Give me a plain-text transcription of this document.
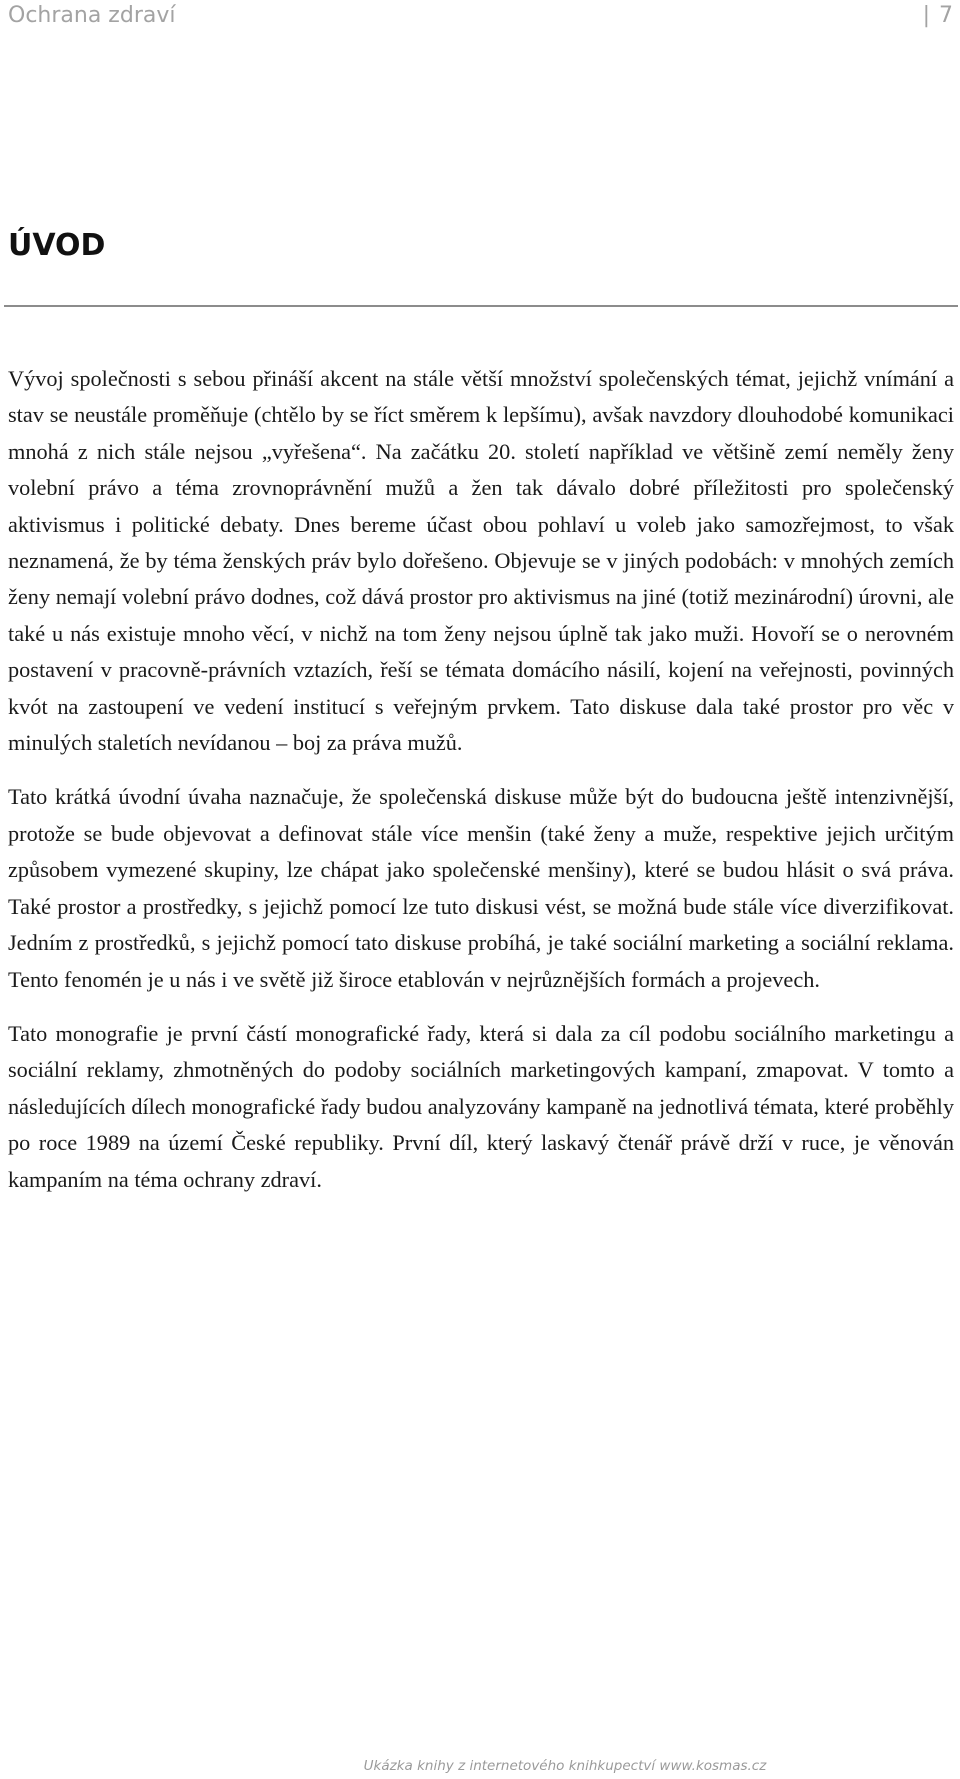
Ochrana zdraví	| 7
ÚVOD

Vývoj společnosti s sebou přináší akcent na stále větší množství společenských témat, jejichž vnímání a stav se neustále proměňuje (chtělo by se říct směrem k lepšímu), avšak navzdory dlouhodobé komunikaci mnohá z nich stále nejsou „vyřešena“. Na začátku 20. století například ve většině zemí neměly ženy volební právo a téma zrovnoprávnění mužů a žen tak dávalo dobré příležitosti pro společenský aktivismus i politické debaty. Dnes bereme účast obou pohlaví u voleb jako samozřejmost, to však neznamená, že by téma ženských práv bylo dořešeno. Objevuje se v jiných podobách: v mnohých zemích ženy nemají volební právo dodnes, což dává prostor pro aktivismus na jiné (totiž mezinárodní) úrovni, ale také u nás existuje mnoho věcí, v nichž na tom ženy nejsou úplně tak jako muži. Hovoří se o nerovném postavení v pracovně-právních vztazích, řeší se témata domácího násilí, kojení na veřejnosti, povinných kvót na zastoupení ve vedení institucí s veřejným prvkem. Tato diskuse dala také prostor pro věc v minulých staletích nevídanou – boj za práva mužů.

Tato krátká úvodní úvaha naznačuje, že společenská diskuse může být do budoucna ještě intenzivnější, protože se bude objevovat a definovat stále více menšin (také ženy a muže, respektive jejich určitým způsobem vymezené skupiny, lze chápat jako společenské menšiny), které se budou hlásit o svá práva. Také prostor a prostředky, s jejichž pomocí lze tuto diskusi vést, se možná bude stále více diverzifikovat. Jedním z prostředků, s jejichž pomocí tato diskuse probíhá, je také sociální marketing a sociální reklama. Tento fenomén je u nás i ve světě již široce etablován v nejrůznějších formách a projevech.

Tato monografie je první částí monografické řady, která si dala za cíl podobu sociálního marketingu a sociální reklamy, zhmotněných do podoby sociálních marketingových kampaní, zmapovat. V tomto a následujících dílech monografické řady budou analyzovány kampaně na jednotlivá témata, které proběhly po roce 1989 na území České republiky. První díl, který laskavý čtenář právě drží v ruce, je věnován kampaním na téma ochrany zdraví.

Ukázka knihy z internetového knihkupectví www.kosmas.cz
